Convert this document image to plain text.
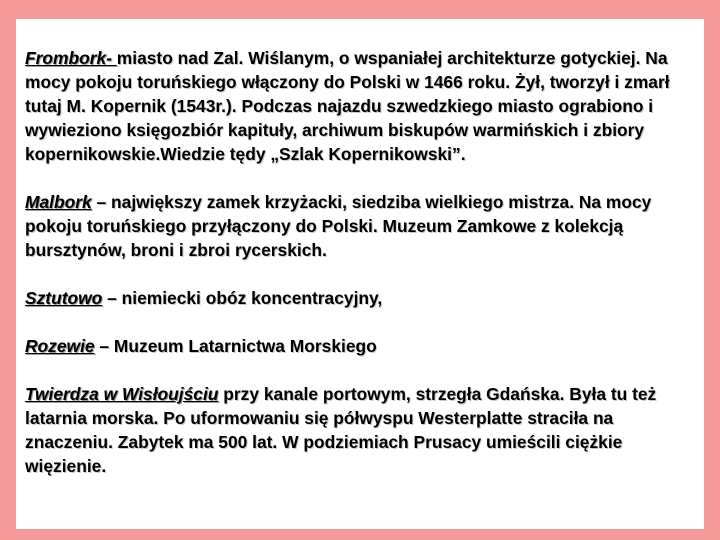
Frombork- miasto nad Zal. Wiślanym, o wspaniałej architekturze gotyckiej. Na mocy pokoju toruńskiego włączony do Polski w 1466 roku. Żył, tworzył i zmarł tutaj M. Kopernik (1543r.). Podczas najazdu szwedzkiego miasto ograbiono i wywieziono księgozbiór kapituły, archiwum biskupów warmińskich i zbiory kopernikowskie.Wiedzie tędy „Szlak Kopernikowski”.

Malbork – największy zamek krzyżacki, siedziba wielkiego mistrza. Na mocy pokoju toruńskiego przyłączony do Polski. Muzeum Zamkowe z kolekcją bursztynów, broni i zbroi rycerskich.

Sztutowo – niemiecki obóz koncentracyjny,

Rozewie – Muzeum Latarnictwa Morskiego

Twierdza w Wisłoujściu przy kanale portowym, strzegła Gdańska. Była tu też latarnia morska. Po uformowaniu się półwyspu Westerplatte straciła na znaczeniu. Zabytek ma 500 lat. W podziemiach Prusacy umieścili ciężkie więzienie.
